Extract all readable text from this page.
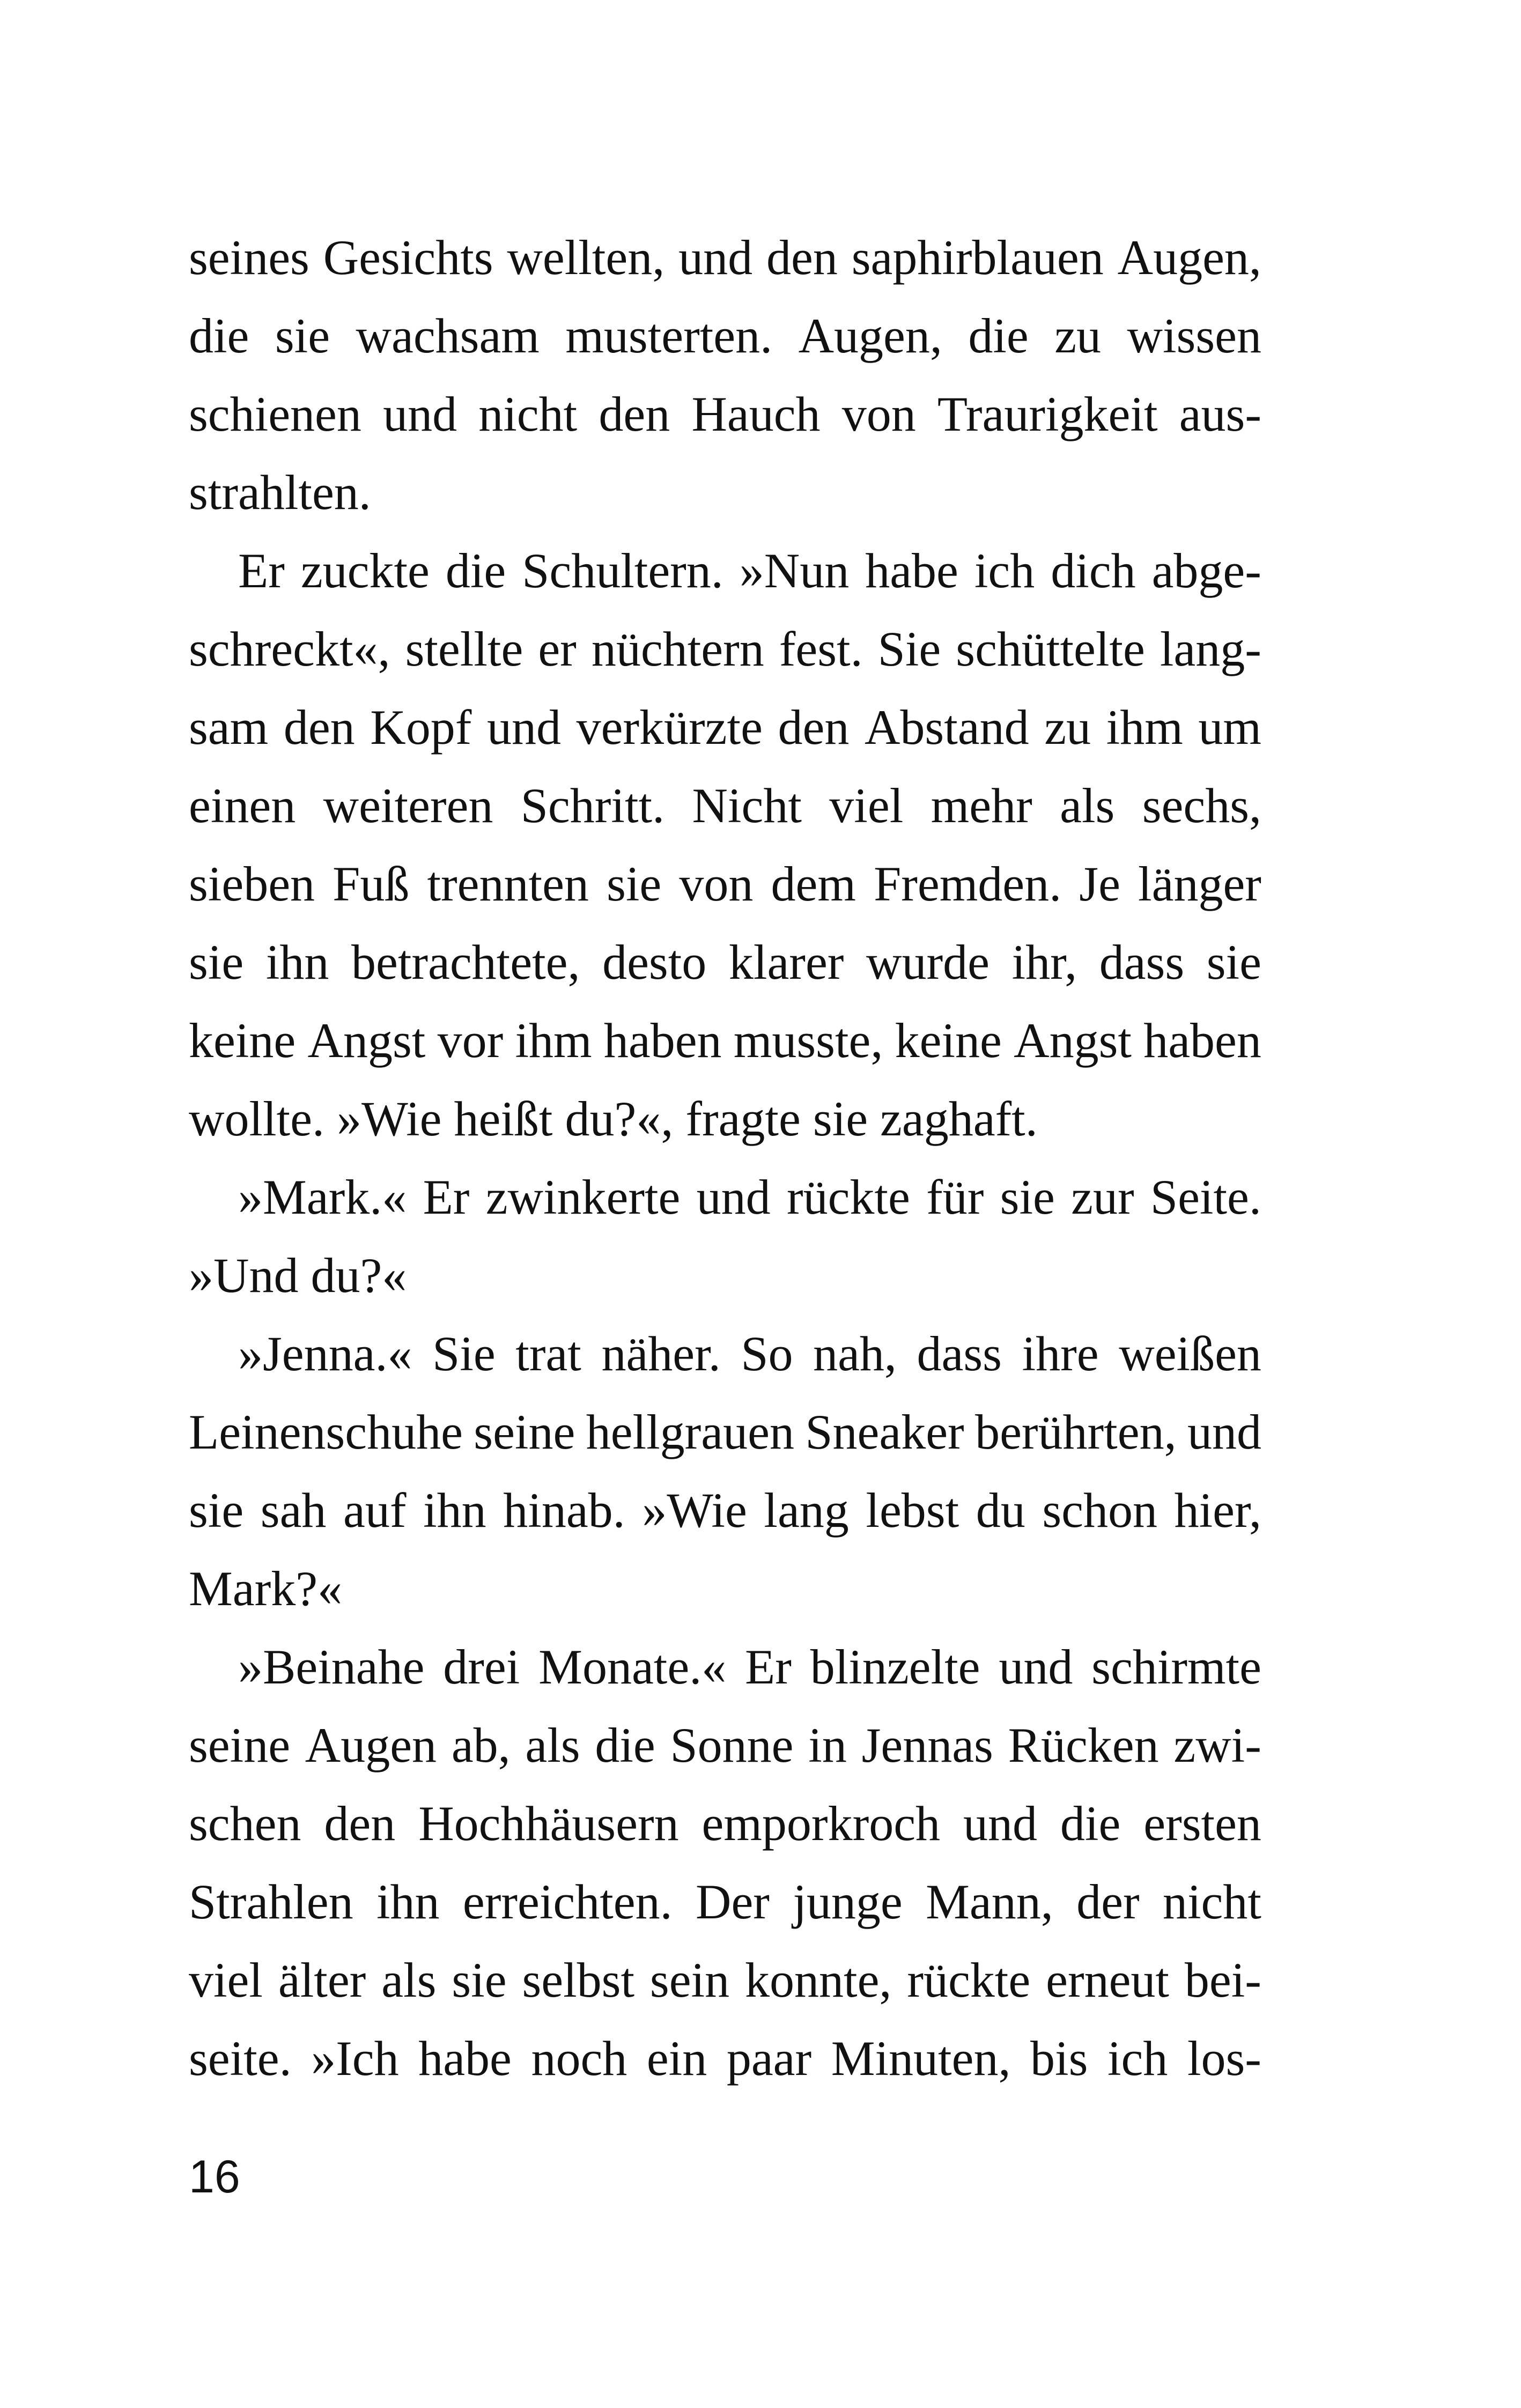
seines Gesichts wellten, und den saphirblauen Augen,
die sie wachsam musterten. Augen, die zu wissen
schienen und nicht den Hauch von Traurigkeit aus-
strahlten.
Er zuckte die Schultern. »Nun habe ich dich abge-
schreckt«, stellte er nüchtern fest. Sie schüttelte lang-
sam den Kopf und verkürzte den Abstand zu ihm um
einen weiteren Schritt. Nicht viel mehr als sechs,
sieben Fuß trennten sie von dem Fremden. Je länger
sie ihn betrachtete, desto klarer wurde ihr, dass sie
keine Angst vor ihm haben musste, keine Angst haben
wollte. »Wie heißt du?«, fragte sie zaghaft.
»Mark.« Er zwinkerte und rückte für sie zur Seite.
»Und du?«
»Jenna.« Sie trat näher. So nah, dass ihre weißen
Leinenschuhe seine hellgrauen Sneaker berührten, und
sie sah auf ihn hinab. »Wie lang lebst du schon hier,
Mark?«
»Beinahe drei Monate.« Er blinzelte und schirmte
seine Augen ab, als die Sonne in Jennas Rücken zwi-
schen den Hochhäusern emporkroch und die ersten
Strahlen ihn erreichten. Der junge Mann, der nicht
viel älter als sie selbst sein konnte, rückte erneut bei-
seite. »Ich habe noch ein paar Minuten, bis ich los-
16
